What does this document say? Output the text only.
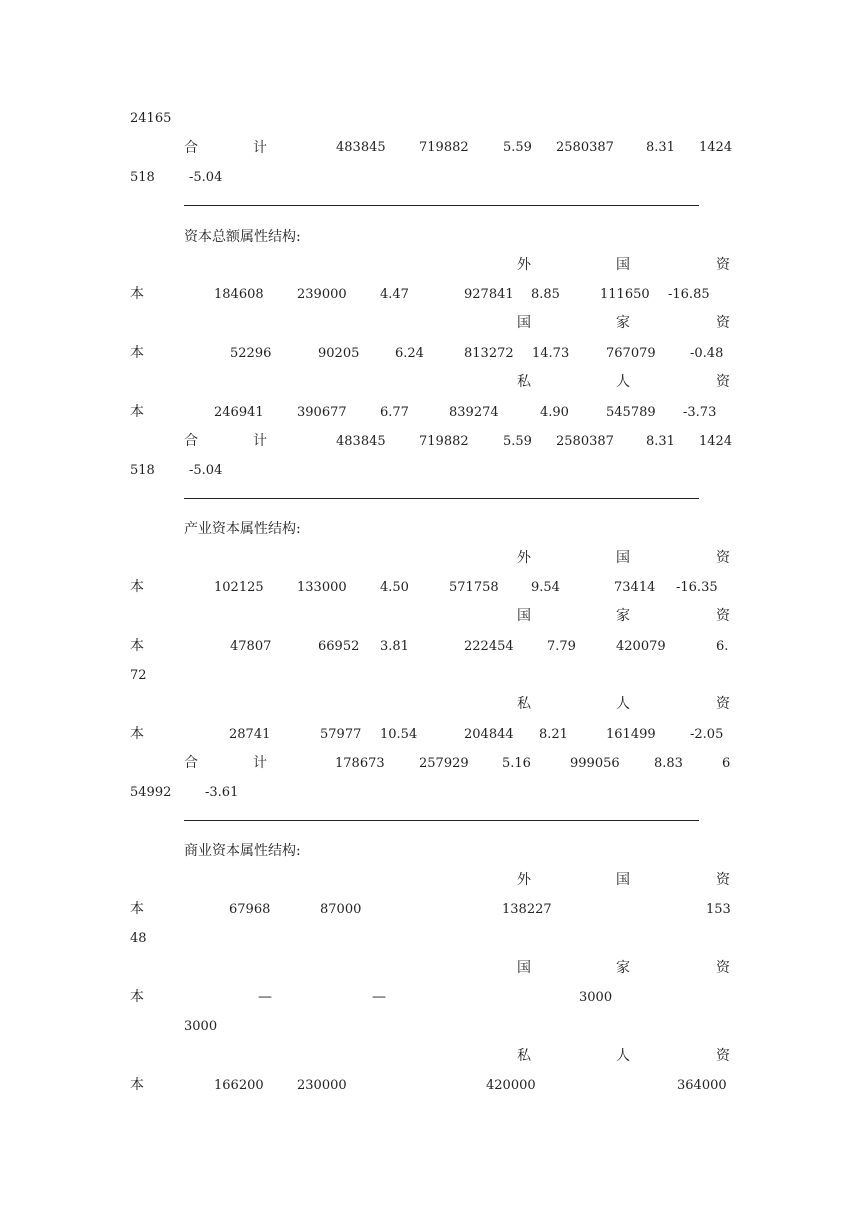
24165
合	计	483845	719882	5.59 2580387 8.31 1424
518	-5.04
资本总额属性结构:
外	国	资
本	184608	239000	4.47	927841 8.85	111650 -16.85
国	家	资
本	52296	90205	6.24	813272 14.73	767079	-0.48
私	人	资
本	246941	390677	6.77	839274	4.90	545789 -3.73
合	计	483845	719882	5.59 2580387 8.31 1424
518	-5.04
产业资本属性结构:
外	国	资
本	102125	133000	4.50	571758 9.54	73414 -16.35
国	家	资
本	47807	66952 3.81	222454	7.79	420079	6.
72
私	人	资
本	28741	57977 10.54	204844 8.21	161499	-2.05
合	计	178673	257929	5.16	999056	8.83	6
54992	-3.61
商业资本属性结构:
外	国	资
本	67968	87000	138227	153
48
国	家	资
本	—	—	3000
3000
私	人	资
本	166200	230000	420000	364000
